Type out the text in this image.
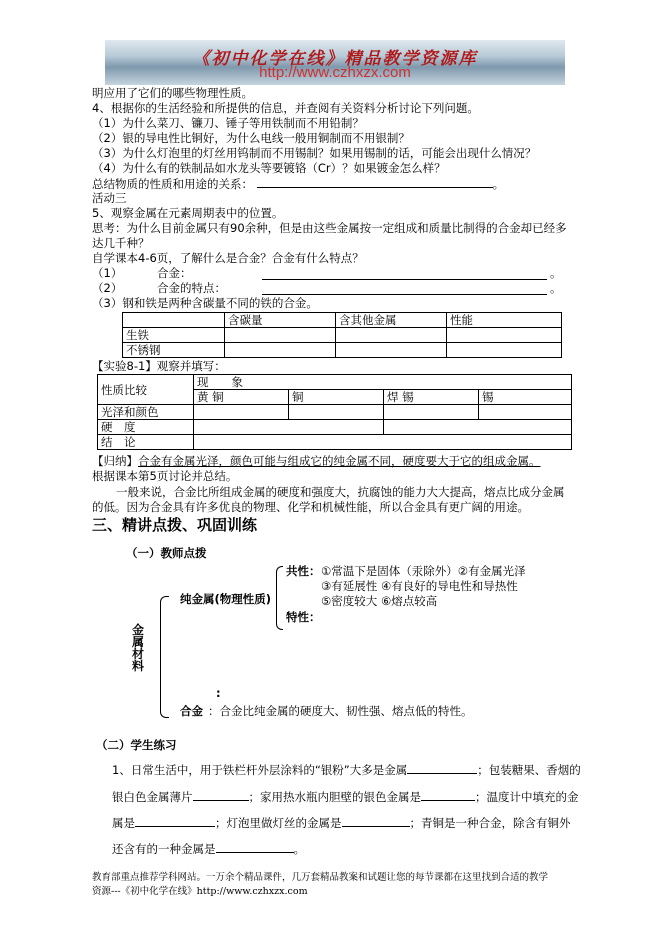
《初中化学在线》精品教学资源库
http://www.czhxzx.com
明应用了它们的哪些物理性质。
4、根据你的生活经验和所提供的信息，并查阅有关资料分析讨论下列问题。
（1）为什么菜刀、镰刀、锤子等用铁制而不用铅制？
（2）银的导电性比铜好，为什么电线一般用铜制而不用银制？
（3）为什么灯泡里的灯丝用钨制而不用锡制？如果用锡制的话，可能会出现什么情况？
（4）为什么有的铁制品如水龙头等要镀铬（Cr）？如果镀金怎么样？
总结物质的性质和用途的关系：	。
活动三
5、观察金属在元素周期表中的位置。
思考：为什么目前金属只有90余种，但是由这些金属按一定组成和质量比制得的合金却已经多
达几千种？
自学课本4-6页，了解什么是合金？合金有什么特点？
（1）	合金：	。
（2）	合金的特点：	。
（3）钢和铁是两种含碳量不同的铁的合金。
	含碳量	含其他金属	性能
生铁			
不锈钢			
【实验8-1】观察并填写：
性质比较	现　　象			
	黄 铜	铜	焊 锡	锡
光泽和颜色				
硬　度				
结　论				
【归纳】合金有金属光泽，颜色可能与组成它的纯金属不同，硬度要大于它的组成金属。
根据课本第5页讨论并总结。
一般来说，合金比所组成金属的硬度和强度大，抗腐蚀的能力大大提高，熔点比成分金属
的低。因为合金具有许多优良的物理、化学和机械性能，所以合金具有更广阔的用途。
三、精讲点拨、巩固训练
（一）教师点拨
共性： ①常温下是固体（汞除外）②有金属光泽
③有延展性 ④有良好的导电性和导热性
⑤密度较大 ⑥熔点较高
特性：
纯金属(物理性质)
金属材料
:
合金 ：合金比纯金属的硬度大、韧性强、熔点低的特性。
（二）学生练习
1、日常生活中，用于铁栏杆外层涂料的“银粉”大多是金属	；包装糖果、香烟的
银白色金属薄片	；家用热水瓶内胆壁的银色金属是	；温度计中填充的金
属是	；灯泡里做灯丝的金属是	；青铜是一种合金，除含有铜外
还含有的一种金属是	。
教育部重点推荐学科网站。一万余个精品课件，几万套精品教案和试题让您的每节课都在这里找到合适的教学
资源---《初中化学在线》http://www.czhxzx.com
